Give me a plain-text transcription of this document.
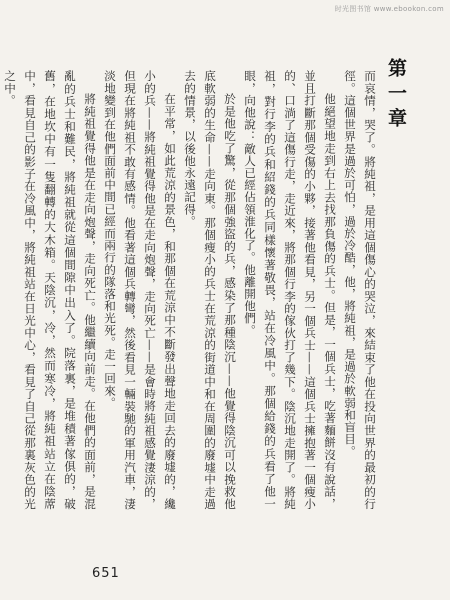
时光图书馆 www.ebookon.com
第一章

而哀情，哭了。將純祖，是用這個傷心的哭泣，來結束了他在投向世界的最初的行徑。這個世界是過於可怕，過於冷酷，他，將純祖，是過於軟弱和盲目。

他絕望地走到右上去找那負傷的兵士。但是，一個兵士，吃著麵餅沒有說話，並且打斷那個受傷的小夥，接著他看見，另一個兵士——這個兵士擁抱著一個瘦小的、口淌了這傷行走，走近來，將那個行李的傢伙打了幾下。陰沉地走開了。將純祖，對行李的兵和紹錢的兵同樣懷著敬畏，站在冷風中。那個給錢的兵看了他一眼，向他說：敵人已經佔領淮化了。他離開他們。

於是他吃了驚，從那個強盜的兵，感染了那種陰沉——他覺得陰沉可以挽救他底軟弱的生命——走向東。那個瘦小的兵士在荒涼的街道中和在周圍的廢墟中走過去的情景，以後他永遠記得。

在平常，如此荒涼的景色，和那個在荒涼中不斷發出聲地走回去的廢墟的，纔小的兵——將純祖覺得他是在走向炮聲，走向死亡——是會時將純祖感覺淒涼的，但現在將純祖不敢有感情。他看著這個兵轉彎，然後看見一輛裝馳的軍用汽車，淒淡地變到在他們面前中間已經而兩行的隊落和光死。走一回來。

將純祖覺得他是在走向炮聲，走向死亡。他繼續向前走。在他們的面前，是混亂的兵士和難民，將純祖就從這個間隙中出入了。院落裏，是堆積著傢俱的，破舊，在地坎中有一隻翻轉的大木箱。天陰沉，冷，然而寒冷，將純祖站立在陰蓆中，看見自己的影子在冷風中，將純祖站在日光中心，看見了自己從那裏灰色的光之中。

651
